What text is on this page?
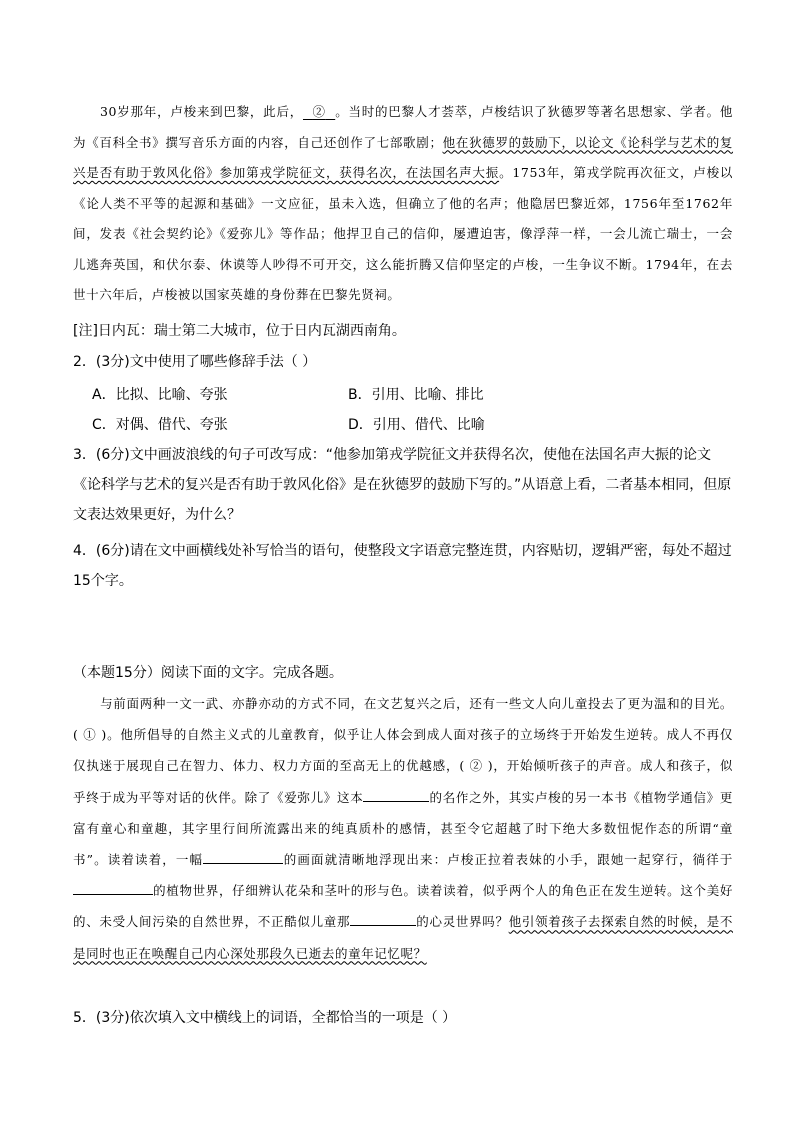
30岁那年，卢梭来到巴黎，此后， ② 。当时的巴黎人才荟萃，卢梭结识了狄德罗等著名思想家、学者。他为《百科全书》撰写音乐方面的内容，自己还创作了七部歌剧；他在狄德罗的鼓励下，以论文《论科学与艺术的复兴是否有助于敦风化俗》参加第戎学院征文，获得名次，在法国名声大振。1753年，第戎学院再次征文，卢梭以《论人类不平等的起源和基础》一文应征，虽未入选，但确立了他的名声；他隐居巴黎近郊，1756年至1762年间，发表《社会契约论》《爱弥儿》等作品；他捍卫自己的信仰，屡遭迫害，像浮萍一样，一会儿流亡瑞士，一会儿逃奔英国，和伏尔泰、休谟等人吵得不可开交，这么能折腾又信仰坚定的卢梭，一生争议不断。1794年，在去世十六年后，卢梭被以国家英雄的身份葬在巴黎先贤祠。
[注]日内瓦：瑞士第二大城市，位于日内瓦湖西南角。
2．(3分)文中使用了哪些修辞手法（ ）
A．比拟、比喻、夸张	B．引用、比喻、排比
C．对偶、借代、夸张	D．引用、借代、比喻
3．(6分)文中画波浪线的句子可改写成：“他参加第戎学院征文并获得名次，使他在法国名声大振的论文《论科学与艺术的复兴是否有助于敦风化俗》是在狄德罗的鼓励下写的。”从语意上看，二者基本相同，但原文表达效果更好，为什么？
4．(6分)请在文中画横线处补写恰当的语句，使整段文字语意完整连贯，内容贴切，逻辑严密，每处不超过15个字。
（本题15分）阅读下面的文字。完成各题。
与前面两种一文一武、亦静亦动的方式不同，在文艺复兴之后，还有一些文人向儿童投去了更为温和的目光。( ① )。他所倡导的自然主义式的儿童教育，似乎让人体会到成人面对孩子的立场终于开始发生逆转。成人不再仅仅执迷于展现自己在智力、体力、权力方面的至高无上的优越感，( ② )，开始倾听孩子的声音。成人和孩子，似乎终于成为平等对话的伙伴。除了《爱弥儿》这本	的名作之外，其实卢梭的另一本书《植物学通信》更富有童心和童趣，其字里行间所流露出来的纯真质朴的感情，甚至令它超越了时下绝大多数忸怩作态的所谓“童书”。读着读着，一幅	的画面就清晰地浮现出来：卢梭正拉着表妹的小手，跟她一起穿行，徜徉于的植物世界，仔细辨认花朵和茎叶的形与色。读着读着，似乎两个人的角色正在发生逆转。这个美好的、未受人间污染的自然世界，不正酷似儿童那	的心灵世界吗？他引领着孩子去探索自然的时候，是不是同时也正在唤醒自己内心深处那段久已逝去的童年记忆呢？
5．(3分)依次填入文中横线上的词语，全都恰当的一项是（ ）
